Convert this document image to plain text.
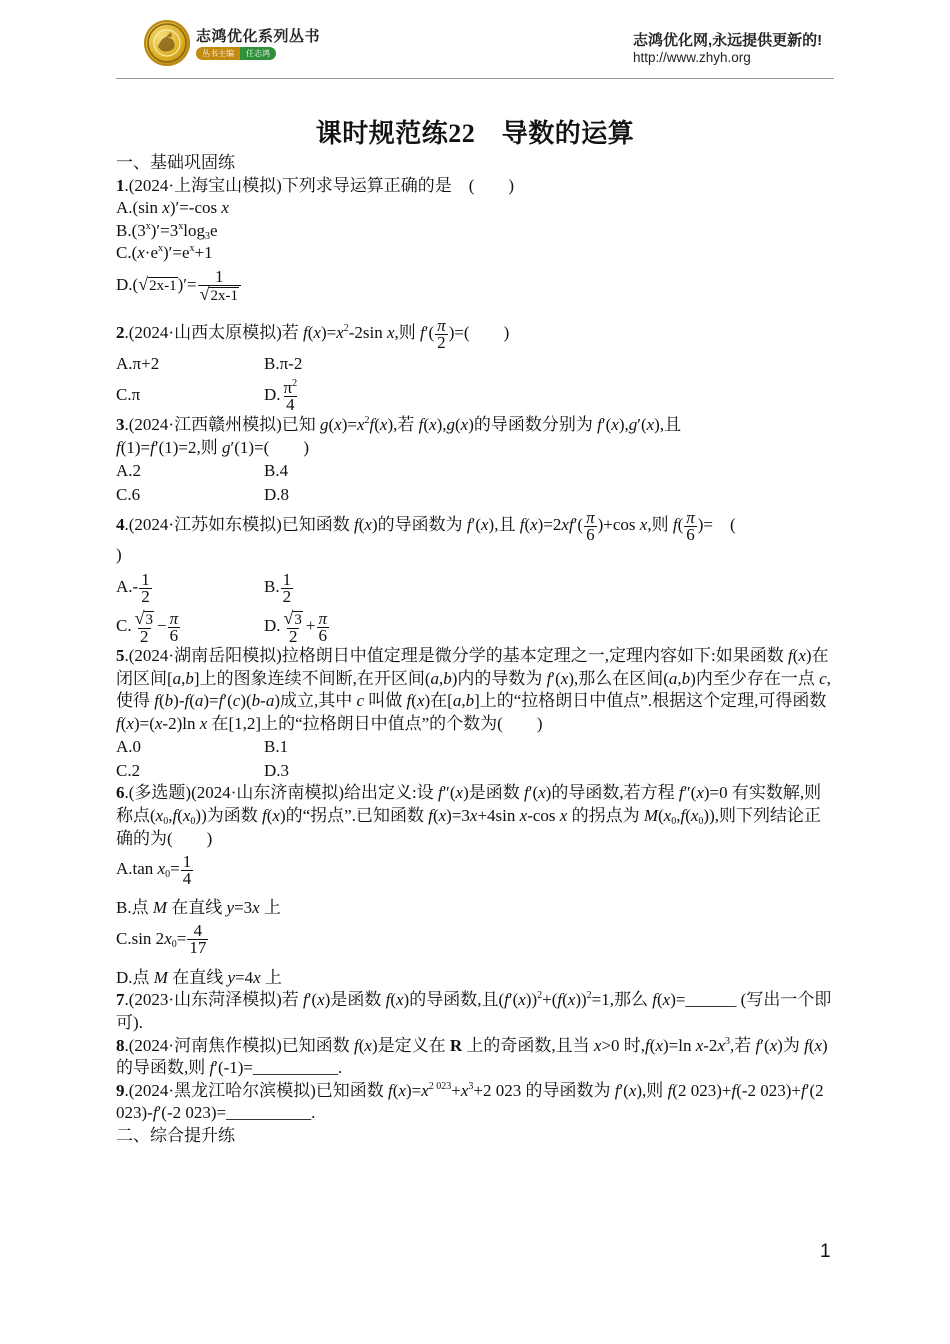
志鸿优化系列丛书
丛书主编	任志鸿
志鸿优化网,永远提供更新的!
http://www.zhyh.org
课时规范练22　导数的运算
一、基础巩固练
1.(2024·上海宝山模拟)下列求导运算正确的是　(　　)
A.(sin x)′=-cos x
$B.(3^x)'=3^x\log_3e$
$C.(x\cdot e^x)'=e^x+1$
$D.(√2x-1)'= \frac{1}{√2x-1}$
2.(2024·山西太原模拟)若 $f(x)=x^2-2\sin$ x,则 $f'( \frac{\pi}{2}$ )=(　　)
A.π+2	B.π-2
C.π	D. $\frac{\pi^2}{4}$
3.(2024·江西赣州模拟)已知 $g(x)=x^2f(x)$,若 f(x),g(x)的导函数分别为 f′(x),g′(x),且
f(1)=f′(1)=2,则 g′(1)=(　　)
A.2	B.4
C.6	D.8
4.(2024·江苏如东模拟)已知函数 f(x)的导函数为 f′(x),且 $f(x)=2xf'( \frac{\pi}{6} )+\cos$ x,则 $f( \frac{\pi}{6}$ )=　(
)
$A.- \frac{1}{2}$	B. $\frac{1}{2}$
C. $\frac{√3}{2} - \frac{\pi}{6}$	D. $\frac{√3}{2} + \frac{\pi}{6}$
5.(2024·湖南岳阳模拟)拉格朗日中值定理是微分学的基本定理之一,定理内容如下:如果函数 f(x)在闭区间[a,b]上的图象连续不间断,在开区间(a,b)内的导数为 f′(x),那么在区间(a,b)内至少存在一点 c,使得 f(b)-f(a)=f′(c)(b-a)成立,其中 c 叫做 f(x)在[a,b]上的“拉格朗日中值点”.根据这个定理,可得函数 f(x)=(x-2)ln x 在[1,2]上的“拉格朗日中值点”的个数为(　　)
A.0	B.1
C.2	D.3
6.(多选题)(2024·山东济南模拟)给出定义:设 f″(x)是函数 f′(x)的导函数,若方程 f″(x)=0 有实数解,则称点$(x_0,f(x_0))$为函数 f(x)的“拐点”.已知函数 f(x)=3x+4sin x-cos x 的拐点为 $M(x_0,f(x_0))$,则下列结论正确的为(　　)
A.tan $x_0= \frac{1}{4}$
B.点 M 在直线 y=3x 上
C.sin $2x_0= \frac{4}{17}$
D.点 M 在直线 y=4x 上
7.(2023·山东菏泽模拟)若 f′(x)是函数 f(x)的导函数,且$(f'(x))^2+(f(x))^2=1$,那么 f(x)=______ (写出一个即可).
8.(2024·河南焦作模拟)已知函数 f(x)是定义在 R 上的奇函数,且当 x>0 时,f(x)=ln $x-2x^3$,若 f′(x)为 f(x)的导函数,则 f′(-1)=__________.
9.(2024·黑龙江哈尔滨模拟)已知函数 $f(x)=x^{2 023}+x^3+2$ 023 的导函数为 f′(x),则 f(2 023)+f(-2 023)+f′(2 023)-f′(-2 023)=__________.
二、综合提升练
1
